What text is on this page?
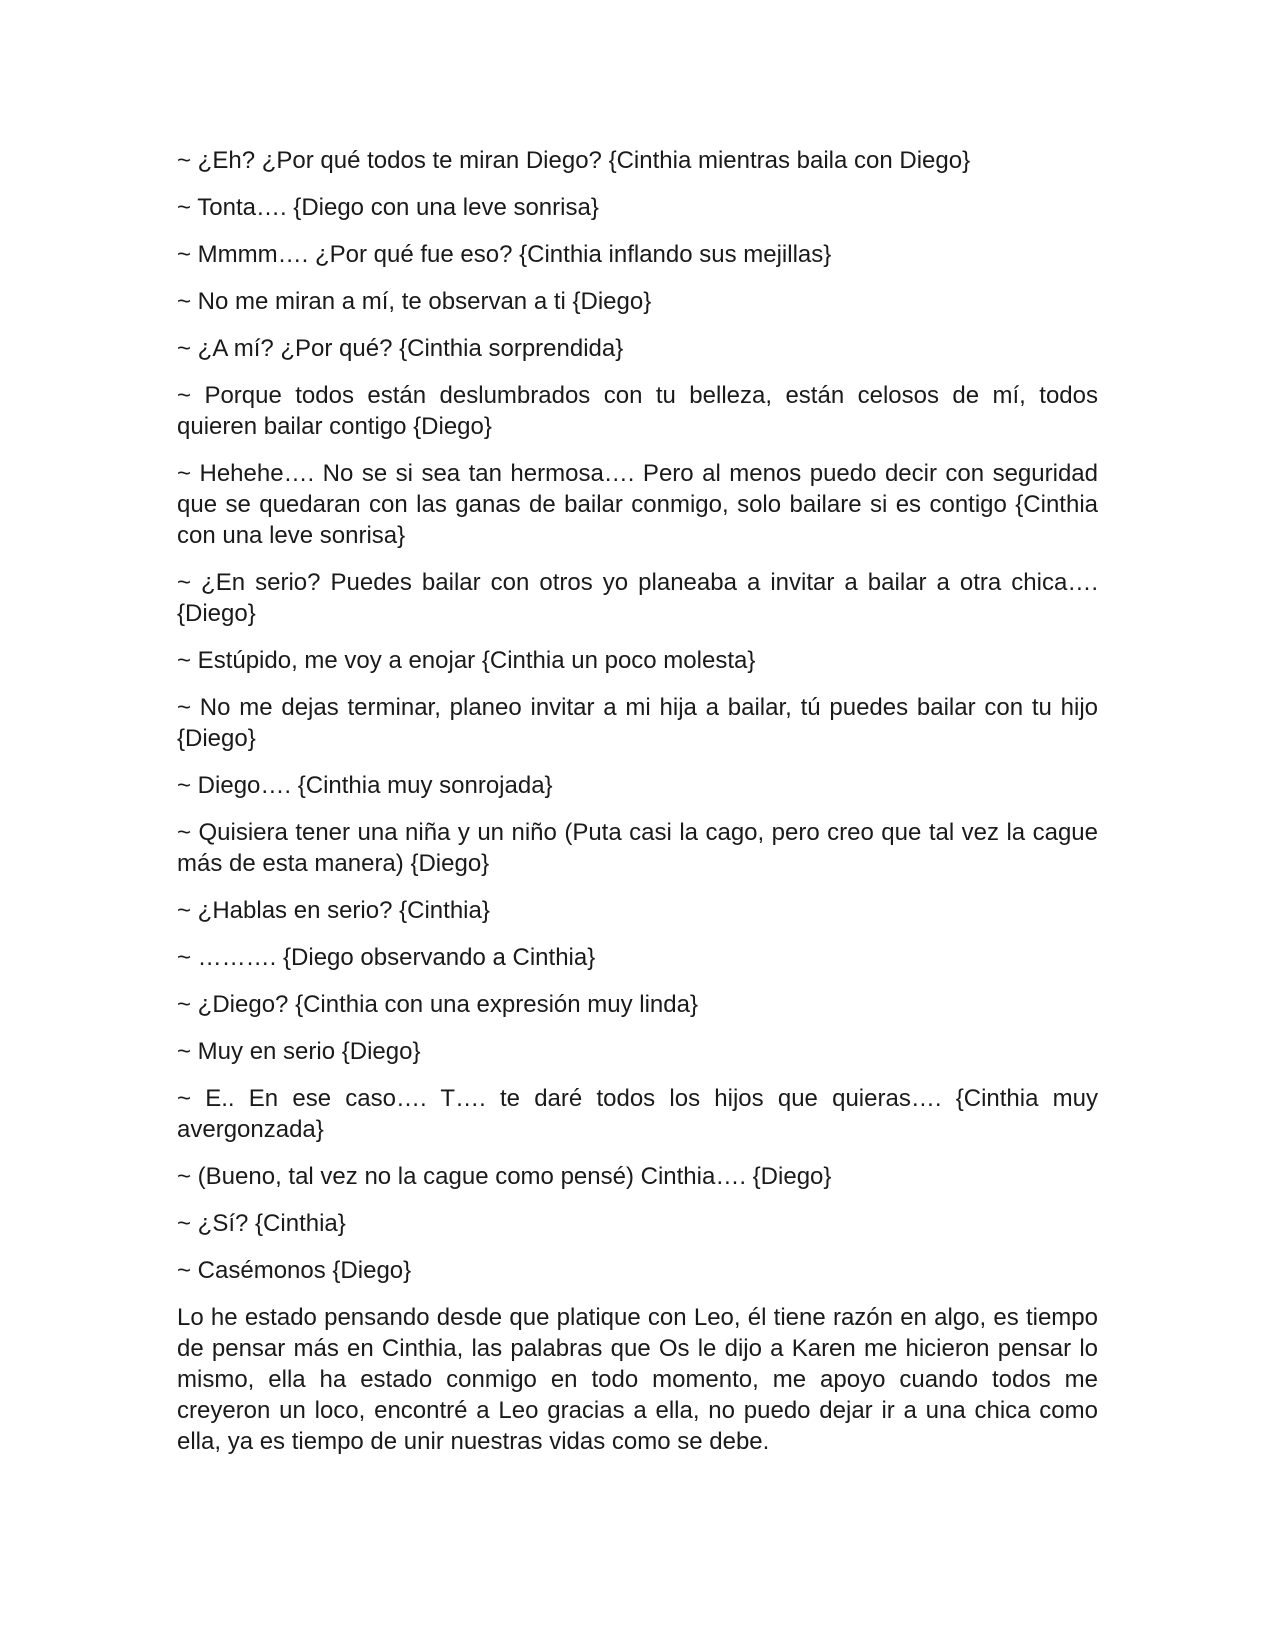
~ ¿Eh? ¿Por qué todos te miran Diego? {Cinthia mientras baila con Diego}

~ Tonta…. {Diego con una leve sonrisa}

~ Mmmm…. ¿Por qué fue eso? {Cinthia inflando sus mejillas}

~ No me miran a mí, te observan a ti {Diego}

~ ¿A mí? ¿Por qué? {Cinthia sorprendida}

~ Porque todos están deslumbrados con tu belleza, están celosos de mí, todos quieren bailar contigo {Diego}

~ Hehehe…. No se si sea tan hermosa…. Pero al menos puedo decir con seguridad que se quedaran con las ganas de bailar conmigo, solo bailare si es contigo {Cinthia con una leve sonrisa}

~ ¿En serio? Puedes bailar con otros yo planeaba a invitar a bailar a otra chica…. {Diego}

~ Estúpido, me voy a enojar {Cinthia un poco molesta}

~ No me dejas terminar, planeo invitar a mi hija a bailar, tú puedes bailar con tu hijo {Diego}

~ Diego…. {Cinthia muy sonrojada}

~ Quisiera tener una niña y un niño (Puta casi la cago, pero creo que tal vez la cague más de esta manera) {Diego}

~ ¿Hablas en serio? {Cinthia}

~ ………. {Diego observando a Cinthia}

~ ¿Diego? {Cinthia con una expresión muy linda}

~ Muy en serio {Diego}

~ E.. En ese caso…. T…. te daré todos los hijos que quieras…. {Cinthia muy avergonzada}

~ (Bueno, tal vez no la cague como pensé) Cinthia…. {Diego}

~ ¿Sí? {Cinthia}

~ Casémonos {Diego}

Lo he estado pensando desde que platique con Leo, él tiene razón en algo, es tiempo de pensar más en Cinthia, las palabras que Os le dijo a Karen me hicieron pensar lo mismo, ella ha estado conmigo en todo momento, me apoyo cuando todos me creyeron un loco, encontré a Leo gracias a ella, no puedo dejar ir a una chica como ella, ya es tiempo de unir nuestras vidas como se debe.
